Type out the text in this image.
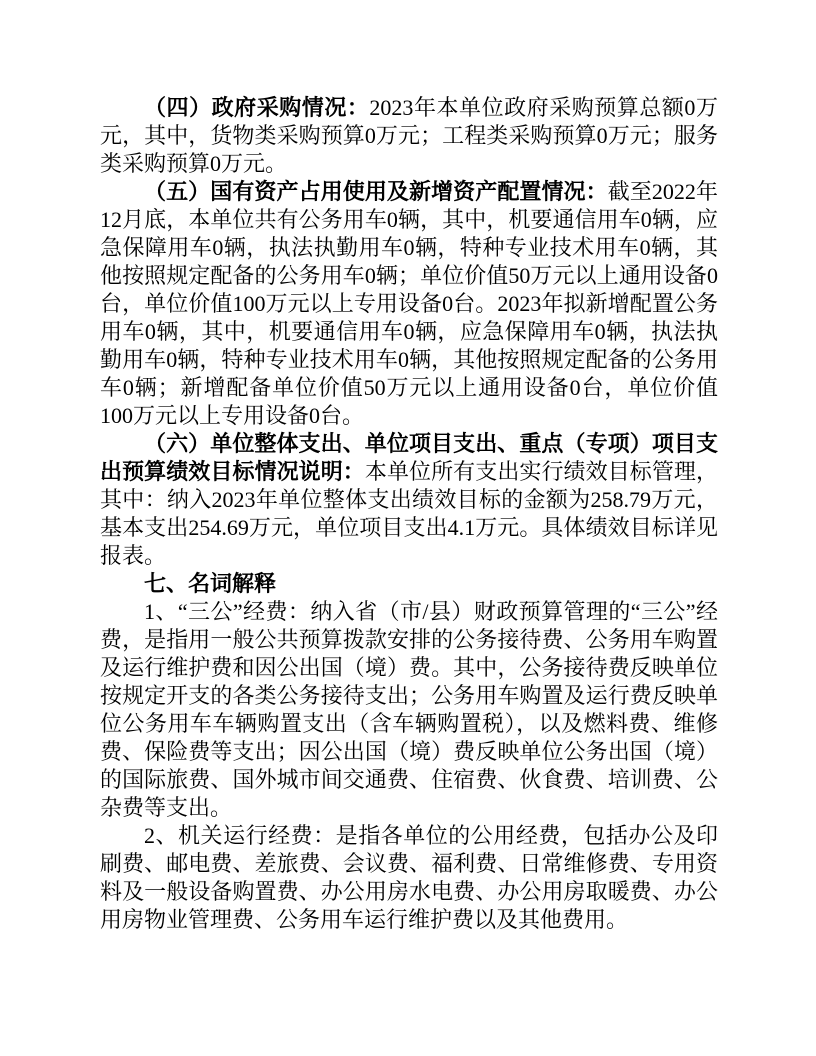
（四）政府采购情况：2023年本单位政府采购预算总额0万元，其中，货物类采购预算0万元；工程类采购预算0万元；服务类采购预算0万元。

（五）国有资产占用使用及新增资产配置情况：截至2022年12月底，本单位共有公务用车0辆，其中，机要通信用车0辆，应急保障用车0辆，执法执勤用车0辆，特种专业技术用车0辆，其他按照规定配备的公务用车0辆；单位价值50万元以上通用设备0台，单位价值100万元以上专用设备0台。2023年拟新增配置公务用车0辆，其中，机要通信用车0辆，应急保障用车0辆，执法执勤用车0辆，特种专业技术用车0辆，其他按照规定配备的公务用车0辆；新增配备单位价值50万元以上通用设备0台，单位价值100万元以上专用设备0台。

（六）单位整体支出、单位项目支出、重点（专项）项目支出预算绩效目标情况说明：本单位所有支出实行绩效目标管理，其中：纳入2023年单位整体支出绩效目标的金额为258.79万元，基本支出254.69万元，单位项目支出4.1万元。具体绩效目标详见报表。

七、名词解释

1、“三公”经费：纳入省（市/县）财政预算管理的“三公”经费，是指用一般公共预算拨款安排的公务接待费、公务用车购置及运行维护费和因公出国（境）费。其中，公务接待费反映单位按规定开支的各类公务接待支出；公务用车购置及运行费反映单位公务用车车辆购置支出（含车辆购置税），以及燃料费、维修费、保险费等支出；因公出国（境）费反映单位公务出国（境）的国际旅费、国外城市间交通费、住宿费、伙食费、培训费、公杂费等支出。

2、机关运行经费：是指各单位的公用经费，包括办公及印刷费、邮电费、差旅费、会议费、福利费、日常维修费、专用资料及一般设备购置费、办公用房水电费、办公用房取暖费、办公用房物业管理费、公务用车运行维护费以及其他费用。
